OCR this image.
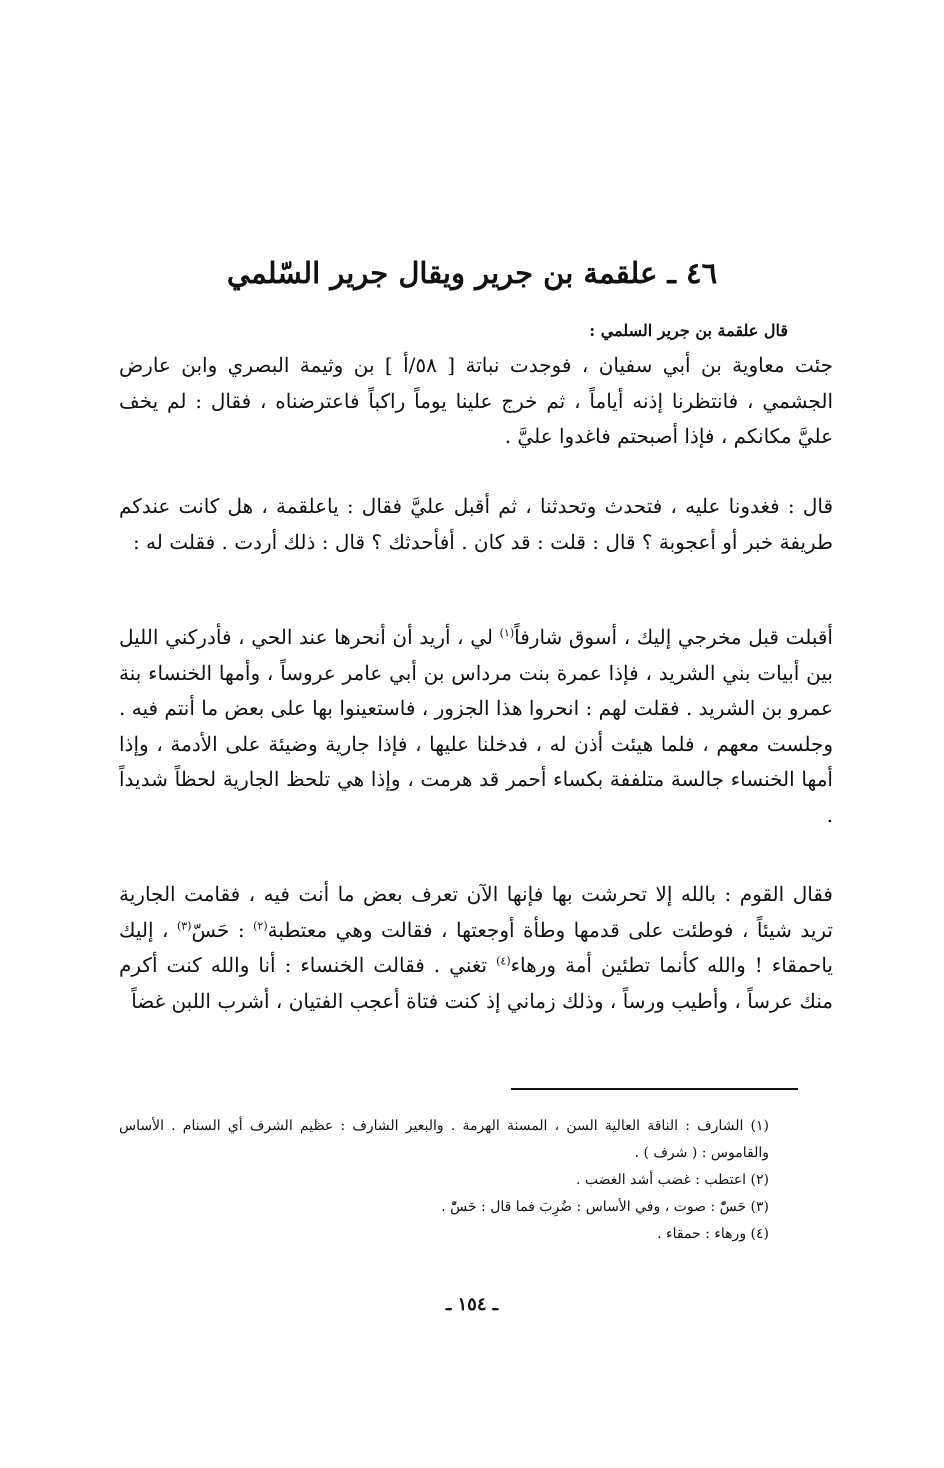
٤٦ ـ علقمة بن جرير ويقال جرير السّلمي
قال علقمة بن جرير السلمي :

جئت معاوية بن أبي سفيان ، فوجدت نباتة [ ٥٨/أ ] بن وثيمة البصري وابن عارض الجشمي ، فانتظرنا إذنه أياماً ، ثم خرج علينا يوماً راكباً فاعترضناه ، فقال : لم يخف عليَّ مكانكم ، فإذا أصبحتم فاغدوا عليَّ .

قال : فغدونا عليه ، فتحدث وتحدثنا ، ثم أقبل عليَّ فقال : ياعلقمة ، هل كانت عندكم طريفة خبر أو أعجوبة ؟ قال : قلت : قد كان . أفأحدثك ؟ قال : ذلك أردت . فقلت له :

أقبلت قبل مخرجي إليك ، أسوق شارفاً$^{(١)}$ لي ، أريد أن أنحرها عند الحي ، فأدركني الليل بين أبيات بني الشريد ، فإذا عمرة بنت مرداس بن أبي عامر عروساً ، وأمها الخنساء بنة عمرو بن الشريد . فقلت لهم : انحروا هذا الجزور ، فاستعينوا بها على بعض ما أنتم فيه . وجلست معهم ، فلما هيئت أذن له ، فدخلنا عليها ، فإذا جارية وضيئة على الأدمة ، وإذا أمها الخنساء جالسة متلففة بكساء أحمر قد هرمت ، وإذا هي تلحظ الجارية لحظاً شديداً .

فقال القوم : بالله إلا تحرشت بها فإنها الآن تعرف بعض ما أنت فيه ، فقامت الجارية تريد شيئاً ، فوطئت على قدمها وطأة أوجعتها ، فقالت وهي معتطبة$^{(٢)}$ : حَسّ$^{(٣)}$ ، إليك ياحمقاء ! والله كأنما تطئين أمة ورهاء$^{(٤)}$ تغني . فقالت الخنساء : أنا والله كنت أكرم منك عرساً ، وأطيب ورساً ، وذلك زماني إذ كنت فتاة أعجب الفتيان ، أشرب اللبن غضاً

(١) الشارف : الناقة العالية السن ، المسنة الهرمة . والبعير الشارف : عظيم الشرف أي السنام . الأساس والقاموس : ( شرف ) .
(٢) اعتطب : غضب أشد الغضب .
(٣) حَسّْ : صوت ، وفي الأساس : ضُرِبَ فما قال : حَسّْ .
(٤) ورهاء : حمقاء .
ـ ١٥٤ ـ
